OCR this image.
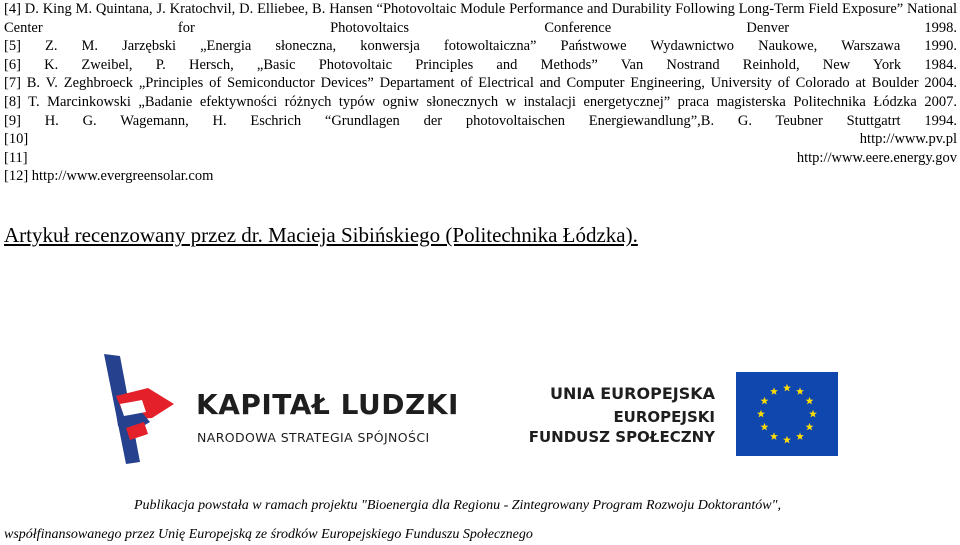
[4] D. King M. Quintana, J. Kratochvil, D. Elliebee, B. Hansen “Photovoltaic Module Performance and Durability Following Long-Term Field Exposure” National Center for Photovoltaics Conference Denver 1998.

[5] Z. M. Jarzębski „Energia słoneczna, konwersja fotowoltaiczna” Państwowe Wydawnictwo Naukowe, Warszawa 1990.

[6] K. Zweibel, P. Hersch, „Basic Photovoltaic Principles and Methods” Van Nostrand Reinhold, New York 1984.

[7] B. V. Zeghbroeck „Principles of Semiconductor Devices” Departament of Electrical and Computer Engineering, University of Colorado at Boulder 2004.

[8] T. Marcinkowski „Badanie efektywności różnych typów ogniw słonecznych w instalacji energetycznej” praca magisterska Politechnika Łódzka 2007.

[9] H. G. Wagemann, H. Eschrich “Grundlagen der photovoltaischen Energiewandlung”,B. G. Teubner Stuttgatrt 1994.

[10]	http://www.pv.pl

[11]	http://www.eere.energy.gov

[12] http://www.evergreensolar.com

Artykuł recenzowany przez dr. Macieja Sibińskiego (Politechnika Łódzka).

KAPITAŁ LUDZKI

NARODOWA STRATEGIA SPÓJNOŚCI

UNIA EUROPEJSKA

EUROPEJSKI

FUNDUSZ SPOŁECZNY

Publikacja powstała w ramach projektu "Bioenergia dla Regionu - Zintegrowany Program Rozwoju Doktorantów",

współfinansowanego przez Unię Europejską ze środków Europejskiego Funduszu Społecznego
